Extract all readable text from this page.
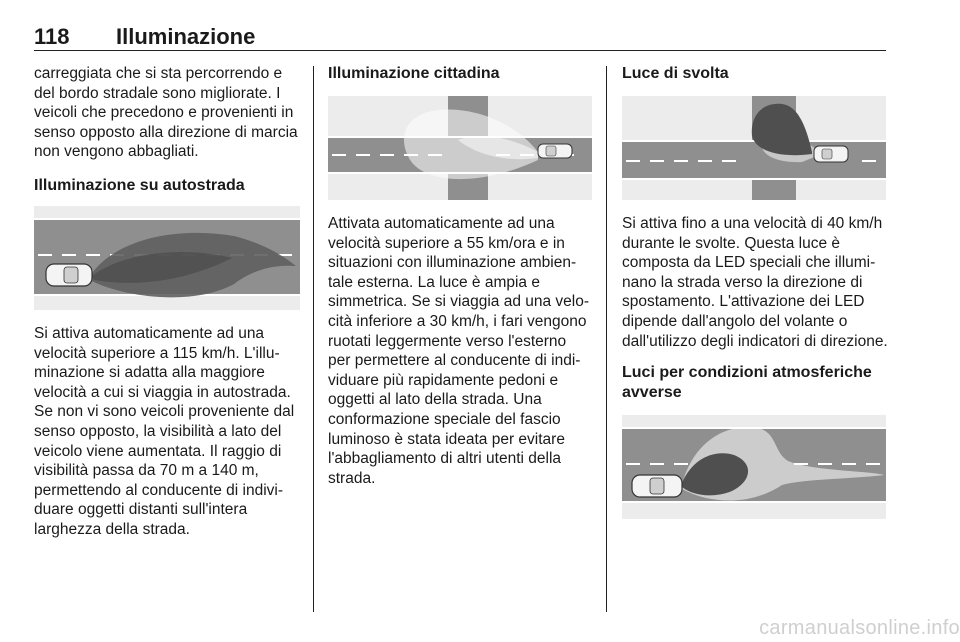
118 Illuminazione

carreggiata che si sta percorrendo e del bordo stradale sono migliorate. I veicoli che precedono e provenienti in senso opposto alla direzione di marcia non vengono abbagliati.

Illuminazione su autostrada

Si attiva automaticamente ad una velocità superiore a 115 km/h. L'illuminazione si adatta alla maggiore velocità a cui si viaggia in autostrada. Se non vi sono veicoli proveniente dal senso opposto, la visibilità a lato del veicolo viene aumentata. Il raggio di visibilità passa da 70 m a 140 m, permettendo al conducente di individuare oggetti distanti sull'intera larghezza della strada.

Illuminazione cittadina

Attivata automaticamente ad una velocità superiore a 55 km/ora e in situazioni con illuminazione ambientale esterna. La luce è ampia e simmetrica. Se si viaggia ad una velocità inferiore a 30 km/h, i fari vengono ruotati leggermente verso l'esterno per permettere al conducente di individuare più rapidamente pedoni e oggetti al lato della strada. Una conformazione speciale del fascio luminoso è stata ideata per evitare l'abbagliamento di altri utenti della strada.

Luce di svolta

Si attiva fino a una velocità di 40 km/h durante le svolte. Questa luce è composta da LED speciali che illuminano la strada verso la direzione di spostamento. L'attivazione dei LED dipende dall'angolo del volante o dall'utilizzo degli indicatori di direzione.

Luci per condizioni atmosferiche avverse
carmanualsonline.info
